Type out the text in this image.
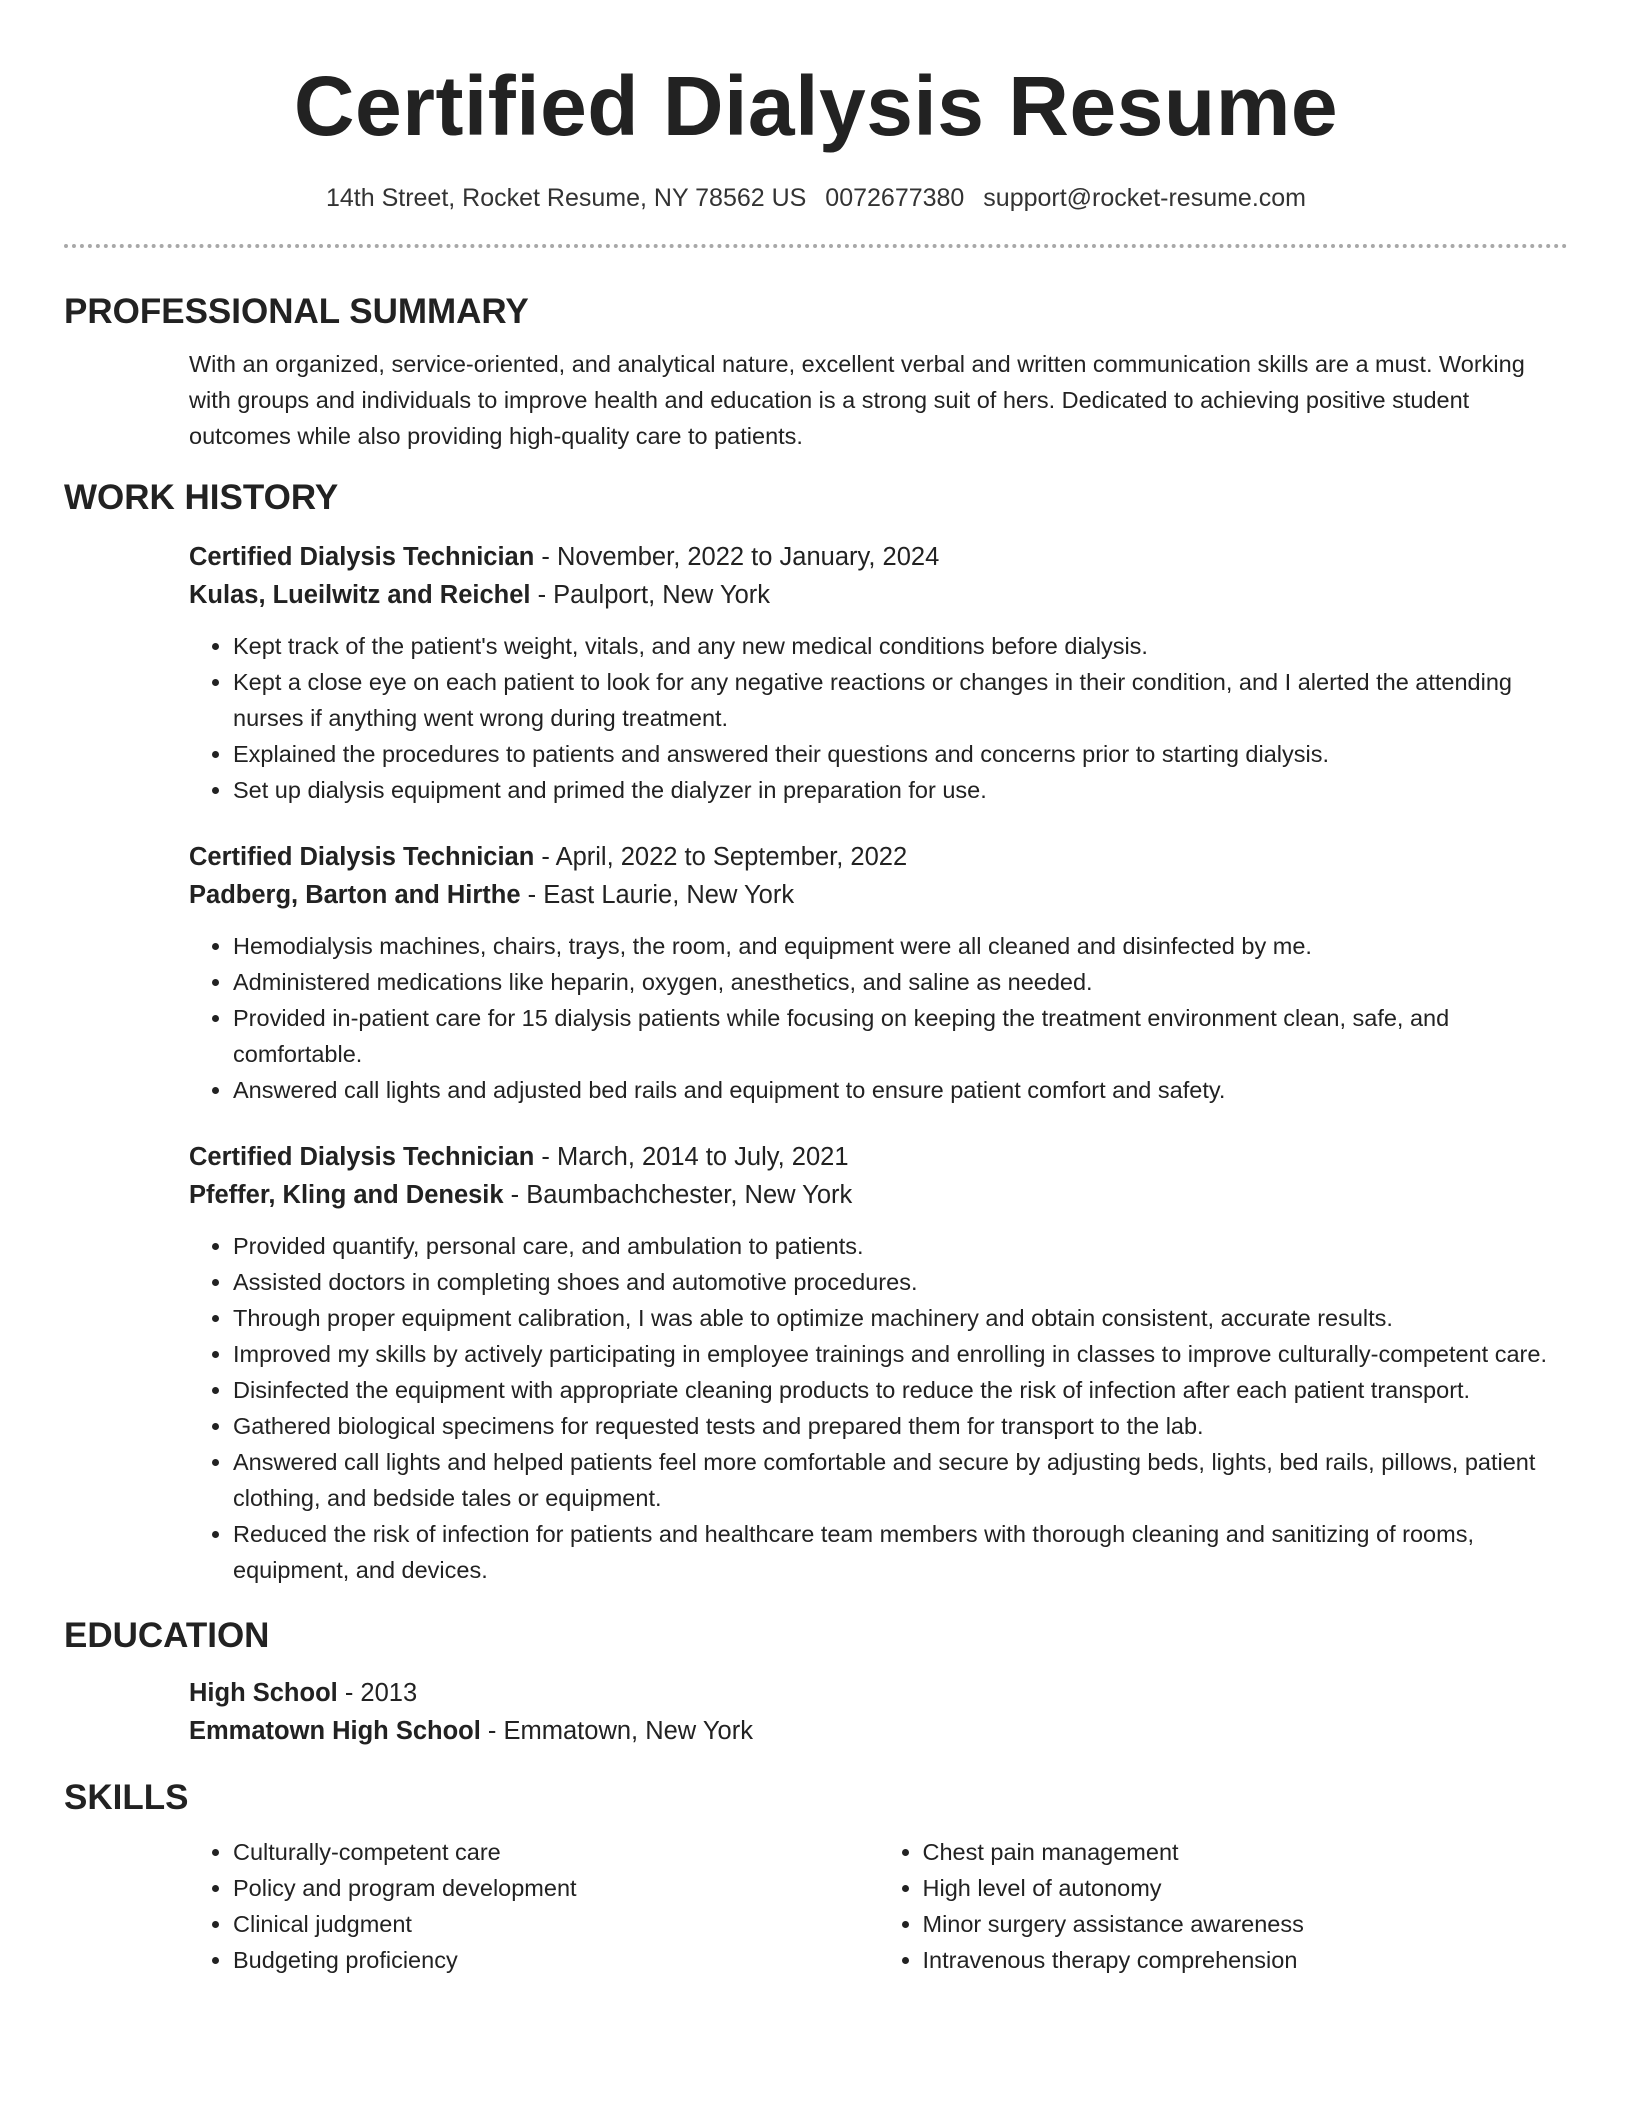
Certified Dialysis Resume
14th Street, Rocket Resume, NY 78562 US 0072677380 support@rocket-resume.com
PROFESSIONAL SUMMARY
With an organized, service-oriented, and analytical nature, excellent verbal and written communication skills are a must. Working with groups and individuals to improve health and education is a strong suit of hers. Dedicated to achieving positive student outcomes while also providing high-quality care to patients.
WORK HISTORY
Certified Dialysis Technician - November, 2022 to January, 2024
Kulas, Lueilwitz and Reichel - Paulport, New York
• Kept track of the patient's weight, vitals, and any new medical conditions before dialysis.
• Kept a close eye on each patient to look for any negative reactions or changes in their condition, and I alerted the attending nurses if anything went wrong during treatment.
• Explained the procedures to patients and answered their questions and concerns prior to starting dialysis.
• Set up dialysis equipment and primed the dialyzer in preparation for use.
Certified Dialysis Technician - April, 2022 to September, 2022
Padberg, Barton and Hirthe - East Laurie, New York
• Hemodialysis machines, chairs, trays, the room, and equipment were all cleaned and disinfected by me.
• Administered medications like heparin, oxygen, anesthetics, and saline as needed.
• Provided in-patient care for 15 dialysis patients while focusing on keeping the treatment environment clean, safe, and comfortable.
• Answered call lights and adjusted bed rails and equipment to ensure patient comfort and safety.
Certified Dialysis Technician - March, 2014 to July, 2021
Pfeffer, Kling and Denesik - Baumbachchester, New York
• Provided quantify, personal care, and ambulation to patients.
• Assisted doctors in completing shoes and automotive procedures.
• Through proper equipment calibration, I was able to optimize machinery and obtain consistent, accurate results.
• Improved my skills by actively participating in employee trainings and enrolling in classes to improve culturally-competent care.
• Disinfected the equipment with appropriate cleaning products to reduce the risk of infection after each patient transport.
• Gathered biological specimens for requested tests and prepared them for transport to the lab.
• Answered call lights and helped patients feel more comfortable and secure by adjusting beds, lights, bed rails, pillows, patient clothing, and bedside tales or equipment.
• Reduced the risk of infection for patients and healthcare team members with thorough cleaning and sanitizing of rooms, equipment, and devices.
EDUCATION
High School - 2013
Emmatown High School - Emmatown, New York
SKILLS
• Culturally-competent care
• Policy and program development
• Clinical judgment
• Budgeting proficiency
• Chest pain management
• High level of autonomy
• Minor surgery assistance awareness
• Intravenous therapy comprehension
